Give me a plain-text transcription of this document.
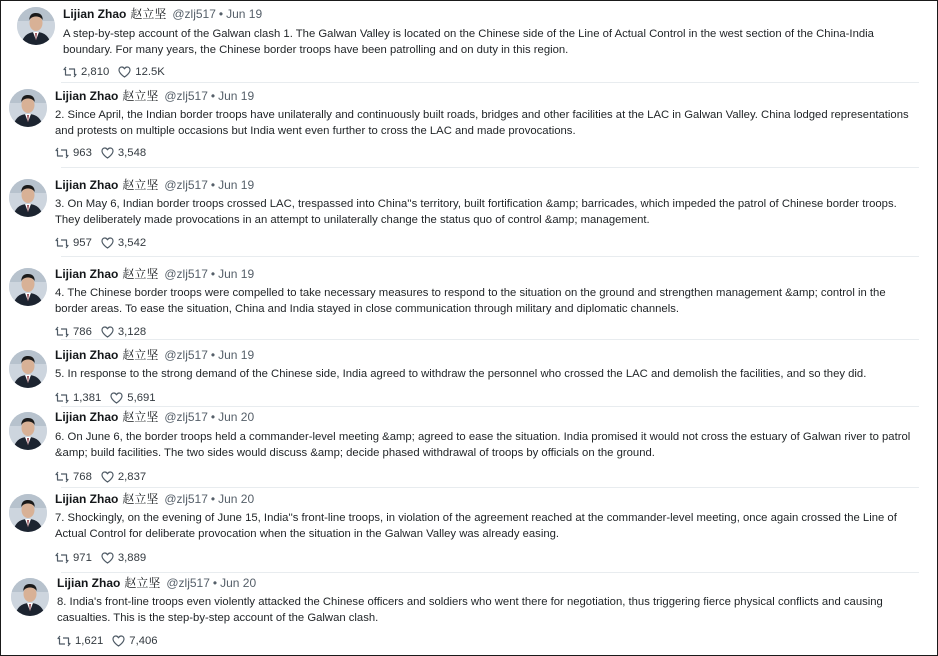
Lijian Zhao 赵立坚 @zlj517 • Jun 19
A step-by-step account of the Galwan clash 1. The Galwan Valley is located on the Chinese side of the Line of Actual Control in the west section of the China-India boundary. For many years, the Chinese border troops have been patrolling and on duty in this region.
2,810 12.5K
Lijian Zhao 赵立坚 @zlj517 • Jun 19
2. Since April, the Indian border troops have unilaterally and continuously built roads, bridges and other facilities at the LAC in Galwan Valley. China lodged representations and protests on multiple occasions but India went even further to cross the LAC and made provocations.
963 3,548
Lijian Zhao 赵立坚 @zlj517 • Jun 19
3. On May 6, Indian border troops crossed LAC, trespassed into China''s territory, built fortification &amp; barricades, which impeded the patrol of Chinese border troops. They deliberately made provocations in an attempt to unilaterally change the status quo of control &amp; management.
957 3,542
Lijian Zhao 赵立坚 @zlj517 • Jun 19
4. The Chinese border troops were compelled to take necessary measures to respond to the situation on the ground and strengthen management &amp; control in the border areas. To ease the situation, China and India stayed in close communication through military and diplomatic channels.
786 3,128
Lijian Zhao 赵立坚 @zlj517 • Jun 19
5. In response to the strong demand of the Chinese side, India agreed to withdraw the personnel who crossed the LAC and demolish the facilities, and so they did.
1,381 5,691
Lijian Zhao 赵立坚 @zlj517 • Jun 20
6. On June 6, the border troops held a commander-level meeting &amp; agreed to ease the situation. India promised it would not cross the estuary of Galwan river to patrol &amp; build facilities. The two sides would discuss &amp; decide phased withdrawal of troops by officials on the ground.
768 2,837
Lijian Zhao 赵立坚 @zlj517 • Jun 20
7. Shockingly, on the evening of June 15, India''s front-line troops, in violation of the agreement reached at the commander-level meeting, once again crossed the Line of Actual Control for deliberate provocation when the situation in the Galwan Valley was already easing.
971 3,889
Lijian Zhao 赵立坚 @zlj517 • Jun 20
8. India's front-line troops even violently attacked the Chinese officers and soldiers who went there for negotiation, thus triggering fierce physical conflicts and causing casualties. This is the step-by-step account of the Galwan clash.
1,621 7,406
